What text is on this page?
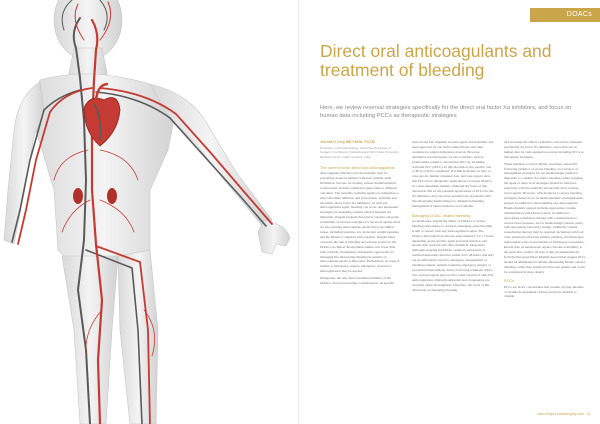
DOACs
Direct oral anticoagulants and treatment of bleeding

Here, we review reversal strategies specifically for the direct oral factor Xa inhibitors, and focus on human data including PCCs as therapeutic strategies

Jerrold H Levy MD FAHA, FCCM

Professor of Anesthesiology; Associate Professor of Surgery; Co-Director Cardiothoracic ICU; Duke University Medical Center; North Carolina, USA

The current novel direct oral anticoagulants

anticoagulants (DOACs) are increasingly used for preventing stroke in patients with non-valvular atrial fibrillation, but also for treating venous thromboembolic events based on their noninferior approaches to different outcomes. The currently available agents are dabigatran, a direct thrombin inhibitor, and rivaroxaban, apixaban and edoxaban, direct factor Xa inhibitors. As with any anticoagulation agent, bleeding can occur, and therapeutic strategies for managing patients when it happens are important. Despite frequent theoretical concerns about the availability of reversal strategies for the novel agents, there are also existing anticoagulant agents that pose similar issues, including heparins, low molecular weight heparins, and the DOACs compared with warfarin. Despite these concerns, the risk of bleeding and adverse events for the DOACs in clinical development studies was lower than with warfarin. Nonetheless, therapeutic approaches for managing life-threatening bleeding in patients on anticoagulant agents is important. Furthermore, in cases of trauma or emergency surgery, emergency reversal of anticoagulation may be needed.

Dabigatran, the only direct thrombin inhibitor of the DOACs, has several unique considerations. At specific

monoclonal Fab fragment reversal agent, idarucizumab, has been approved for use in the United States and other countries for urgent dabigatran reversal. However, alternative reversal agents are also available, such as prothrombin complex concentrates (PCCs), including activated PCC (aPCC). In this discussion, the specific role of PCCs will be considered. Preclinical studies, in vitro or case reports, human volunteer data, and case reports show that PCCs have therapeutic applications to reverse DOACs in a dose-dependent manner. Although the focus of this discussion will be the potential applications of PCCs for the Xa inhibitors, they also have potential use in patients with life-threatening haemorrhage for dabigatran bleeding management if idarucizumab is not available.

Managing DOAC-related bleeding

As mentioned, despite the ability of DOACs to reduce bleeding risk relative to warfarin, managing acute bleeding is still a concern with any anticoagulation agent. The DOACs have half-lives that are approximately 5 to 17 hours depending on the specific agent and renal function, and shorter than warfarin and other vitamin K antagonists. Although stopping the DOAC results in restoration of normal haemostatic function within 24 to 48 hours, this may not be sufficiently rapid for emergency management of bleeding patients, patients requiring emergency surgery or procedural interventions, and/or following traumatic injury. Two reversal agents approved for rapid reversal of anti-FXa anticoagulation, although andexanet and ciraparantag are currently under investigation. Therefore, the focus of this discussion on managing bleeding

and reversing the effects of DOACs will review strategies specifically for factor Xa inhibitors, and will focus on human data for anticoagulation reversal including PCCs as therapeutic strategies.

When bleeding occurs in DOAC treatment, especially following evidence of severe bleeding, an overview of management strategies for our haemorrhagic patient is important to consider. For minor bleeding, either stopping the agent or other local strategies should be followed, especially with the relatively shorter half-lives of these novel agents. However, with moderate to severe bleeding, strategies should focus on haemodynamic and haemostatic support in addition to discontinuing any anticoagulant. Haemodynamic support includes appropriate volume administration with fluid products, in addition to appropriate transfusion therapy with considerations to restore blood pressure. As for haemorrhagic patient, along with appropriate laboratory testing, additional volume resuscitation therapy may be required, including red blood cells, plasma (both frozen plasma, plasma), and fibrinogen replacement with cryoprecipitate or fibrinogen concentrate. Recent data on haemostatic agents cites the availability to the particular country. Of note is that recommendations from the European Heart Rhythm Association suggest PCCs should be administered with life-threatening DOAC-related bleeding, rather than plasma (both frozen plasma and could be considered in more detail).

PCCs

PCCs are factor concentrates that contain varying amounts of vitamin K-dependent clotting factors in addition to vitamin

www.thejournalofsurgery.com 13
